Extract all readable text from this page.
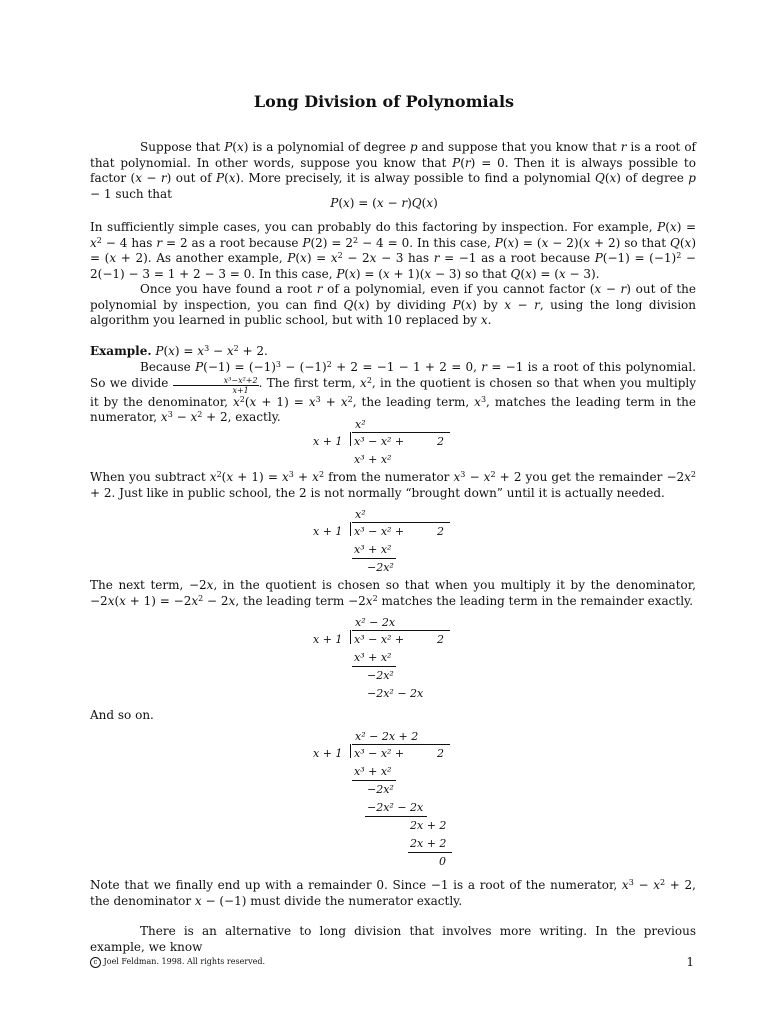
Long Division of Polynomials

Suppose that P(x) is a polynomial of degree p and suppose that you know that r is a root of that polynomial. In other words, suppose you know that P(r) = 0. Then it is always possible to factor (x − r) out of P(x). More precisely, it is alway possible to find a polynomial Q(x) of degree p − 1 such that

P(x) = (x − r)Q(x)

In sufficiently simple cases, you can probably do this factoring by inspection. For example, $P(x) = x^2 - 4$ has r = 2 as a root because $P(2) = 2^2 - 4 = 0$. In this case, P(x) = (x − 2)(x + 2) so that Q(x) = (x + 2). As another example, $P(x) = x^2 - 2x - 3$ has r = −1 as a root because $P(-1) = (-1)^2 - 2(-1) - 3 = 1 + 2 - 3 = 0$. In this case, P(x) = (x + 1)(x − 3) so that Q(x) = (x − 3).

Once you have found a root r of a polynomial, even if you cannot factor (x − r) out of the polynomial by inspection, you can find Q(x) by dividing P(x) by x − r, using the long division algorithm you learned in public school, but with 10 replaced by x.

Example. $P(x) = x^3 - x^2 + 2$.

Because $P(-1) = (-1)^3 - (-1)^2 + 2 = -1 - 1 + 2 = 0$, r = −1 is a root of this polynomial. So we divide $\frac{\text{x³−x²+2}}{x+1}$ . The first term, $x^2$, in the quotient is chosen so that when you multiply it by the denominator, $x^2(x + 1) = x^3 + x^2$, the leading term, $x^3$, matches the leading term in the numerator, $x^3 - x^2 + 2$, exactly.

x²
x + 1 x³ − x² +	2
x³ + x²

When you subtract $x^2(x + 1) = x^3 + x^2$ from the numerator $x^3 - x^2 + 2$ you get the remainder $-2x^2 + 2$. Just like in public school, the 2 is not normally “brought down” until it is actually needed.

x²
x + 1 x³ − x² +	2
x³ + x²
−2x²

The next term, −2x, in the quotient is chosen so that when you multiply it by the denominator, $-2x(x + 1) = -2x^2 - 2x$, the leading term $-2x^2$ matches the leading term in the remainder exactly.

x² − 2x
x + 1 x³ − x² +	2
x³ + x²
−2x²
−2x² − 2x

And so on.

x² − 2x + 2
x + 1 x³ − x² +	2
x³ + x²
−2x²
−2x² − 2x
2x + 2
2x + 2
0

Note that we finally end up with a remainder 0. Since −1 is a root of the numerator, $x^3 - x^2 + 2$, the denominator x − (−1) must divide the numerator exactly.

There is an alternative to long division that involves more writing. In the previous example, we know

c Joel Feldman. 1998. All rights reserved.	1
